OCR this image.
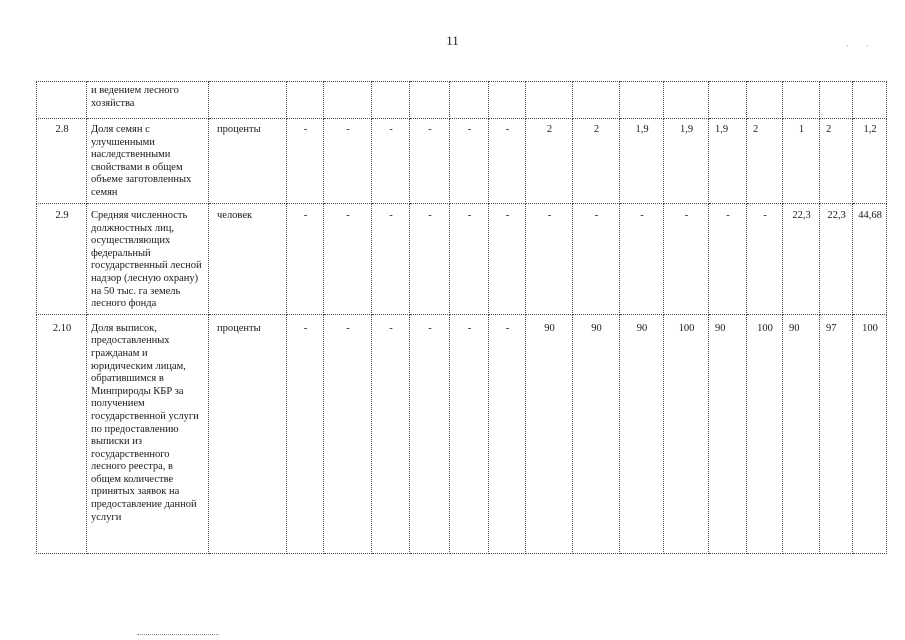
11	· ·
	и ведением лесного хозяйства																
2.8	Доля семян с улучшенными наследственными свойствами в общем объеме заготовленных семян	проценты	-	-	-	-	-	-	2	2	1,9	1,9	1,9	2	1	2	1,2
2.9	Средняя численность должностных лиц, осуществляющих федеральный государственный лесной надзор (лесную охрану) на 50 тыс. га земель лесного фонда	человек	-	-	-	-	-	-	-	-	-	-	-	-	22,3	22,3	44,68
2.10	Доля выписок, предоставленных гражданам и юридическим лицам, обратившимся в Минприроды КБР за получением государственной услуги по предоставлению выписки из государственного лесного реестра, в общем количестве принятых заявок на предоставление данной услуги	проценты	-	-	-	-	-	-	90	90	90	100	90	100	90	97	100
